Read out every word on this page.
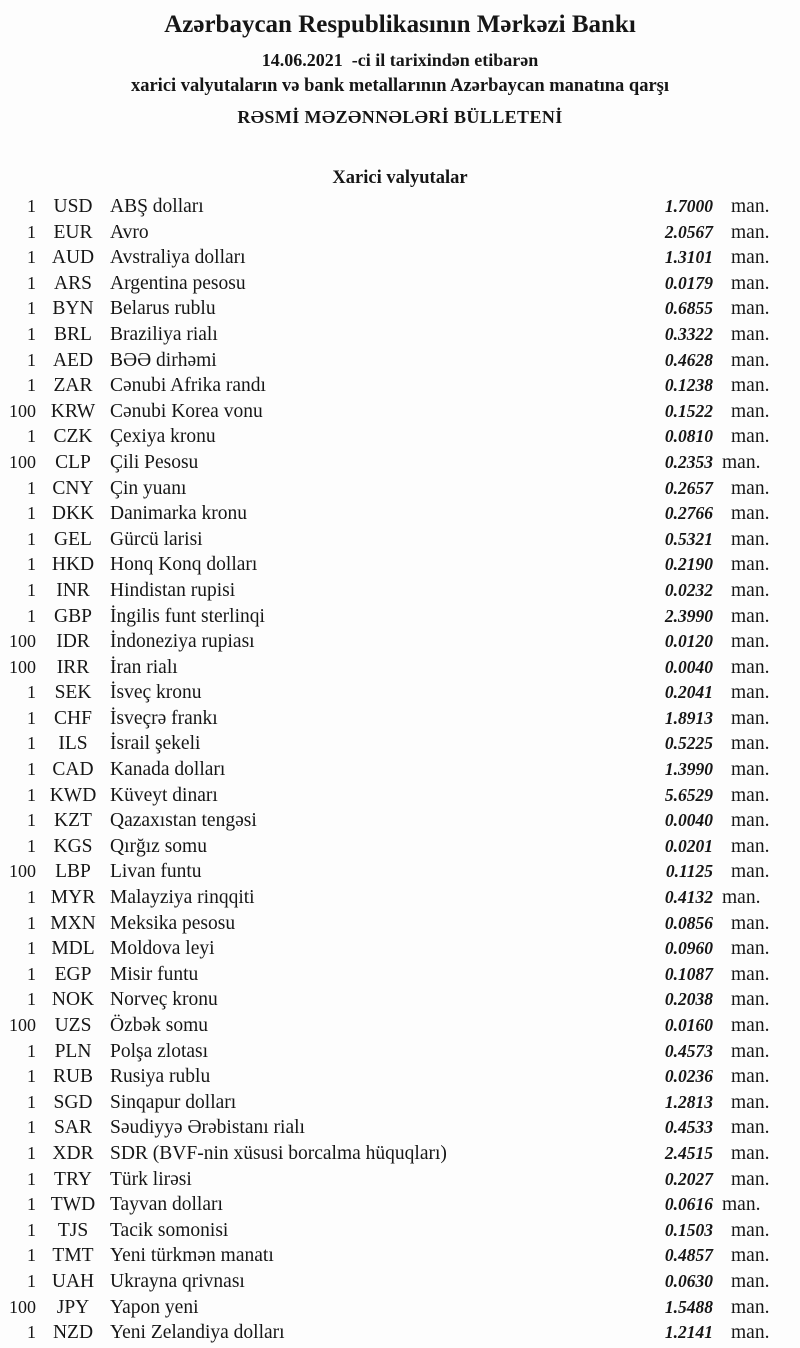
Azərbaycan Respublikasının Mərkəzi Bankı
14.06.2021  -ci il tarixindən etibarən
xarici valyutaların və bank metallarının Azərbaycan manatına qarşı
RƏSMİ MƏZƏNNƏLƏRİ BÜLLETENİ
Xarici valyutalar
1 USD ABŞ dolları	1.7000 man.
1 EUR Avro	2.0567 man.
1 AUD Avstraliya dolları	1.3101 man.
1 ARS Argentina pesosu	0.0179 man.
1 BYN Belarus rublu	0.6855 man.
1 BRL Braziliya rialı	0.3322 man.
1 AED BƏƏ dirhəmi	0.4628 man.
1 ZAR Cənubi Afrika randı	0.1238 man.
100 KRW Cənubi Korea vonu	0.1522 man.
1 CZK Çexiya kronu	0.0810 man.
100 CLP Çili Pesosu	0.2353 man.
1 CNY Çin yuanı	0.2657 man.
1 DKK Danimarka kronu	0.2766 man.
1 GEL Gürcü larisi	0.5321 man.
1 HKD Honq Konq dolları	0.2190 man.
1	INR	Hindistan rupisi	0.0232 man.
1 GBP İngilis funt sterlinqi	2.3990 man.
100	IDR	İndoneziya rupiası	0.0120 man.
100	IRR	İran rialı	0.0040 man.
1 SEK İsveç kronu	0.2041 man.
1 CHF İsveçrə frankı	1.8913 man.
1	ILS	İsrail şekeli	0.5225 man.
1 CAD Kanada dolları	1.3990 man.
1 KWD Küveyt dinarı	5.6529 man.
1 KZT Qazaxıstan tengəsi	0.0040 man.
1 KGS Qırğız somu	0.0201 man.
100 LBP Livan funtu	0.1125 man.
1 MYR Malayziya rinqqiti	0.4132 man.
1 MXN Meksika pesosu	0.0856 man.
1 MDL Moldova leyi	0.0960 man.
1 EGP Misir funtu	0.1087 man.
1 NOK Norveç kronu	0.2038 man.
100 UZS Özbək somu	0.0160 man.
1 PLN Polşa zlotası	0.4573 man.
1 RUB Rusiya rublu	0.0236 man.
1 SGD Sinqapur dolları	1.2813 man.
1 SAR Səudiyyə Ərəbistanı rialı	0.4533 man.
1 XDR SDR (BVF-nin xüsusi borcalma hüquqları)	2.4515 man.
1 TRY Türk lirəsi	0.2027 man.
1 TWD Tayvan dolları	0.0616 man.
1	TJS	Tacik somonisi	0.1503 man.
1 TMT Yeni türkmən manatı	0.4857 man.
1 UAH Ukrayna qrivnası	0.0630 man.
100	JPY	Yapon yeni	1.5488 man.
1 NZD Yeni Zelandiya dolları	1.2141 man.
